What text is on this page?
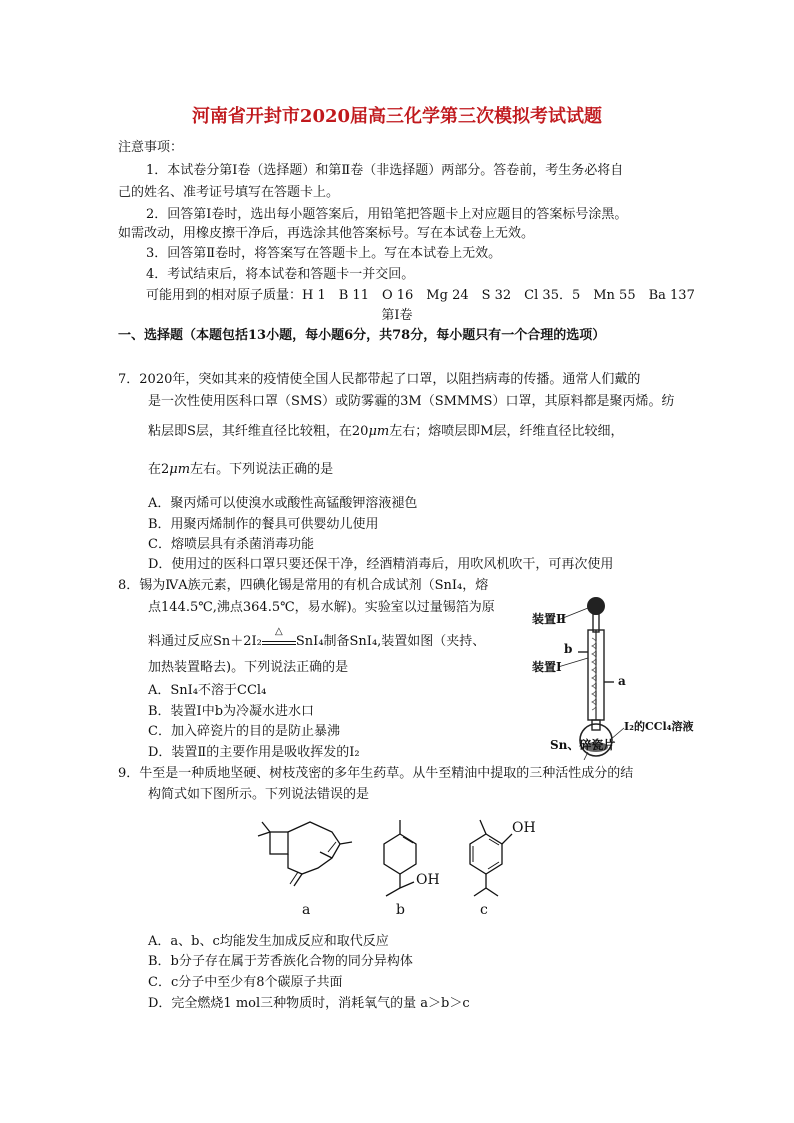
河南省开封市2020届高三化学第三次模拟考试试题
注意事项：
1．本试卷分第Ⅰ卷（选择题）和第Ⅱ卷（非选择题）两部分。答卷前，考生务必将自
己的姓名、准考证号填写在答题卡上。
2．回答第Ⅰ卷时，选出每小题答案后，用铅笔把答题卡上对应题目的答案标号涂黑。
如需改动，用橡皮擦干净后，再选涂其他答案标号。写在本试卷上无效。
3．回答第Ⅱ卷时，将答案写在答题卡上。写在本试卷上无效。
4．考试结束后，将本试卷和答题卡一并交回。
可能用到的相对原子质量：H 1　B 11　O 16　Mg 24　S 32　Cl 35．5　Mn 55　Ba 137
第Ⅰ卷
一、选择题（本题包括13小题，每小题6分，共78分，每小题只有一个合理的选项）
7．2020年，突如其来的疫情使全国人民都带起了口罩，以阻挡病毒的传播。通常人们戴的
是一次性使用医科口罩（SMS）或防雾霾的3M（SMMMS）口罩，其原料都是聚丙烯。纺
粘层即S层，其纤维直径比较粗，在20μm左右；熔喷层即M层，纤维直径比较细，
在2μm左右。下列说法正确的是
A．聚丙烯可以使溴水或酸性高锰酸钾溶液褪色
B．用聚丙烯制作的餐具可供婴幼儿使用
C．熔喷层具有杀菌消毒功能
D．使用过的医科口罩只要还保干净，经酒精消毒后，用吹风机吹干，可再次使用
8．锡为ⅣA族元素，四碘化锡是常用的有机合成试剂（SnI₄，熔
点144.5℃,沸点364.5℃，易水解)。实验室以过量锡箔为原
料通过反应Sn＋2I₂
△
SnI₄制备SnI₄,装置如图（夹持、
加热装置略去)。下列说法正确的是
A．SnI₄不溶于CCl₄
B．装置Ⅰ中b为冷凝水进水口
C．加入碎瓷片的目的是防止暴沸
D．装置Ⅱ的主要作用是吸收挥发的I₂
装置Ⅱ
b
装置Ⅰ
a
I₂的CCl₄溶液
Sn、碎瓷片
9．牛至是一种质地坚硬、树枝茂密的多年生药草。从牛至精油中提取的三种活性成分的结
构简式如下图所示。下列说法错误的是
OH
OH
a	b	c
A．a、b、c均能发生加成反应和取代反应
B．b分子存在属于芳香族化合物的同分异构体
C．c分子中至少有8个碳原子共面
D．完全燃烧1 mol三种物质时，消耗氧气的量 a＞b＞c
